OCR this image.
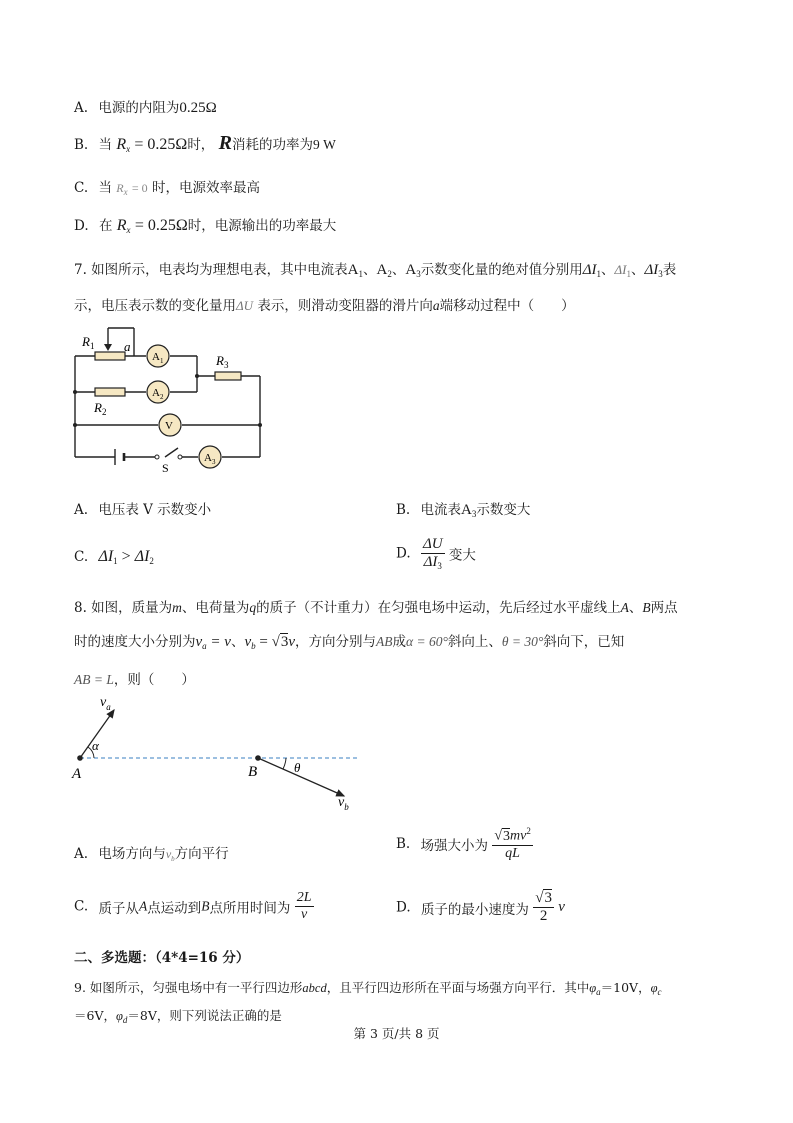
A. 电源的内阻为0.25Ω
B. 当 $R_x = 0.25\Omega$时， R消耗的功率为9 W
C. 当 $R_x = 0$ 时，电源效率最高
D. 在 $R_x = 0.25\Omega$时，电源输出的功率最大
7. 如图所示，电表均为理想电表，其中电流表$A_1$、$A_2$、$A_3$示数变化量的绝对值分别用$\Delta I_1$、$\Delta I_1$、$\Delta I_3$表
示，电压表示数的变化量用ΔU 表示，则滑动变阻器的滑片向a端移动过程中（　　）
$R_1$ a
$R_2$
$R_3$
$A_1$
$A_2$
V
$A_3$
S
A. 电压表 V 示数变小	B. 电流表$A_3$示数变大
C. $\Delta I_1 > \Delta I_2$	D. $\frac{\Delta U}{\Delta I_3}$ 变大
8. 如图，质量为m、电荷量为q的质子（不计重力）在匀强电场中运动，先后经过水平虚线上A、B两点
时的速度大小分别为$v_a = v$、$v_b = √3v$，方向分别与AB成α = 60°斜向上、θ = 30°斜向下，已知
AB = L，则（　　）
$v_a$
α
A	B	θ
$v_b$
A. 电场方向与$v_b$方向平行
B. 场强大小为 $\frac{√3mv^2}{qL}$
C. 质子从A点运动到B点所用时间为 $\frac{2L}{v}$	D. 质子的最小速度为 $\frac{√3}{2}$ v
二、多选题：（4*4=16 分）
9. 如图所示，匀强电场中有一平行四边形abcd，且平行四边形所在平面与场强方向平行．其中$\varphi_a=10V$，$\varphi_c$
＝6V，$\varphi_d=8V$，则下列说法正确的是
第 3 页/共 8 页
